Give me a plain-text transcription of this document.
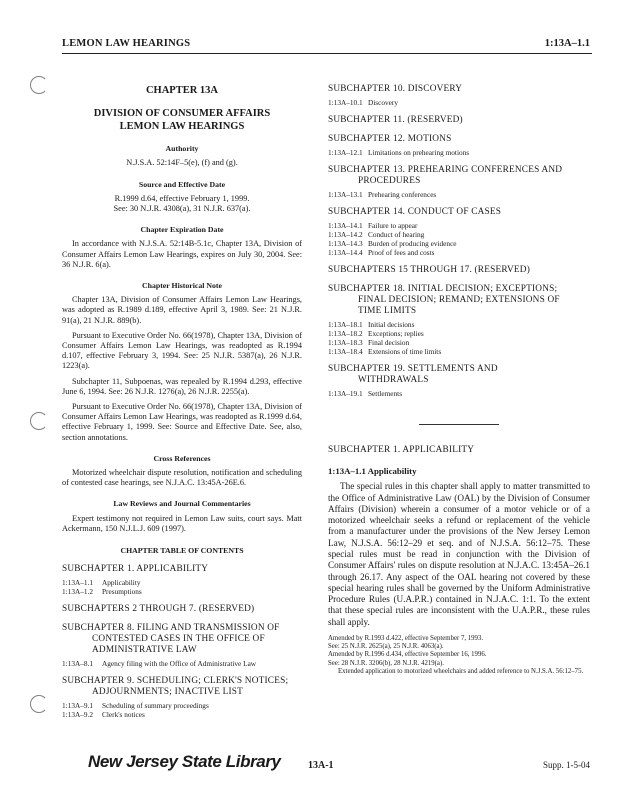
LEMON LAW HEARINGS	1:13A–1.1
CHAPTER 13A
DIVISION OF CONSUMER AFFAIRS
LEMON LAW HEARINGS
Authority
N.J.S.A. 52:14F–5(e), (f) and (g).
Source and Effective Date
R.1999 d.64, effective February 1, 1999.
See: 30 N.J.R. 4308(a), 31 N.J.R. 637(a).
Chapter Expiration Date

In accordance with N.J.S.A. 52:14B-5.1c, Chapter 13A, Division of Consumer Affairs Lemon Law Hearings, expires on July 30, 2004. See: 36 N.J.R. 6(a).

Chapter Historical Note

Chapter 13A, Division of Consumer Affairs Lemon Law Hearings, was adopted as R.1989 d.189, effective April 3, 1989. See: 21 N.J.R. 91(a), 21 N.J.R. 889(b).

Pursuant to Executive Order No. 66(1978), Chapter 13A, Division of Consumer Affairs Lemon Law Hearings, was readopted as R.1994 d.107, effective February 3, 1994. See: 25 N.J.R. 5387(a), 26 N.J.R. 1223(a).

Subchapter 11, Subpoenas, was repealed by R.1994 d.293, effective June 6, 1994. See: 26 N.J.R. 1276(a), 26 N.J.R. 2255(a).

Pursuant to Executive Order No. 66(1978), Chapter 13A, Division of Consumer Affairs Lemon Law Hearings, was readopted as R.1999 d.64, effective February 1, 1999. See: Source and Effective Date. See, also, section annotations.

Cross References

Motorized wheelchair dispute resolution, notification and scheduling of contested case hearings, see N.J.A.C. 13:45A-26E.6.

Law Reviews and Journal Commentaries

Expert testimony not required in Lemon Law suits, court says. Matt Ackermann, 150 N.J.L.J. 609 (1997).

CHAPTER TABLE OF CONTENTS
SUBCHAPTER 1. APPLICABILITY
1:13A–1.1	Applicability
1:13A–1.2	Presumptions
SUBCHAPTERS 2 THROUGH 7. (RESERVED)
SUBCHAPTER 8. FILING AND TRANSMISSION OF
CONTESTED CASES IN THE OFFICE OF
ADMINISTRATIVE LAW
1:13A–8.1	Agency filing with the Office of Administrative Law
SUBCHAPTER 9. SCHEDULING; CLERK'S NOTICES;
ADJOURNMENTS; INACTIVE LIST
1:13A–9.1	Scheduling of summary proceedings
1:13A–9.2	Clerk's notices
SUBCHAPTER 10. DISCOVERY
1:13A–10.1 Discovery
SUBCHAPTER 11. (RESERVED)
SUBCHAPTER 12. MOTIONS
1:13A–12.1 Limitations on prehearing motions
SUBCHAPTER 13. PREHEARING CONFERENCES AND
PROCEDURES
1:13A–13.1 Prehearing conferences
SUBCHAPTER 14. CONDUCT OF CASES
1:13A–14.1 Failure to appear
1:13A–14.2 Conduct of hearing
1:13A–14.3 Burden of producing evidence
1:13A–14.4 Proof of fees and costs
SUBCHAPTERS 15 THROUGH 17. (RESERVED)
SUBCHAPTER 18. INITIAL DECISION; EXCEPTIONS;
FINAL DECISION; REMAND; EXTENSIONS OF
TIME LIMITS
1:13A–18.1 Initial decisions
1:13A–18.2 Exceptions; replies
1:13A–18.3 Final decision
1:13A–18.4 Extensions of time limits
SUBCHAPTER 19. SETTLEMENTS AND
WITHDRAWALS
1:13A–19.1 Settlements
SUBCHAPTER 1. APPLICABILITY
1:13A–1.1 Applicability
The special rules in this chapter shall apply to matter transmitted to the Office of Administrative Law (OAL) by the Division of Consumer Affairs (Division) wherein a consumer of a motor vehicle or of a motorized wheelchair seeks a refund or replacement of the vehicle from a manufacturer under the provisions of the New Jersey Lemon Law, N.J.S.A. 56:12–29 et seq. and of N.J.S.A. 56:12–75. These special rules must be read in conjunction with the Division of Consumer Affairs' rules on dispute resolution at N.J.A.C. 13:45A–26.1 through 26.17. Any aspect of the OAL hearing not covered by these special hearing rules shall be governed by the Uniform Administrative Procedure Rules (U.A.P.R.) contained in N.J.A.C. 1:1. To the extent that these special rules are inconsistent with the U.A.P.R., these rules shall apply.
Amended by R.1993 d.422, effective September 7, 1993.
See: 25 N.J.R. 2625(a), 25 N.J.R. 4063(a).
Amended by R.1996 d.434, effective September 16, 1996.
See: 28 N.J.R. 3206(b), 28 N.J.R. 4219(a).
Extended application to motorized wheelchairs and added reference to N.J.S.A. 56:12–75.
New Jersey State Library	13A-1	Supp. 1-5-04
